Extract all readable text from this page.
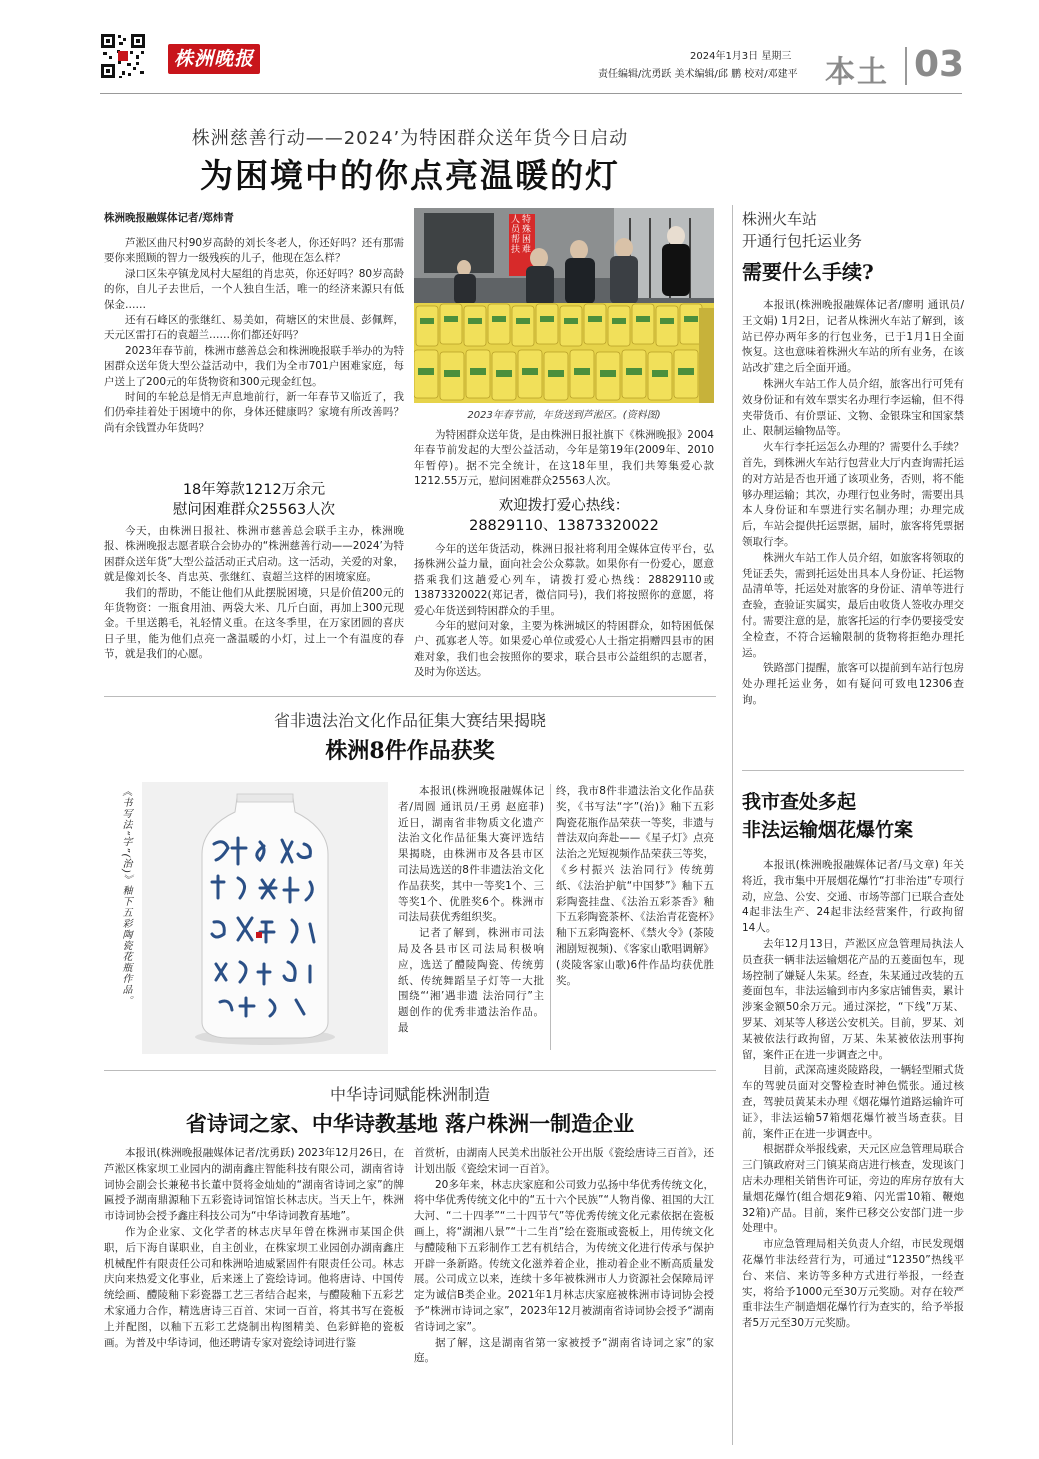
株洲晚报	2024年1月3日 星期三
责任编辑/沈勇跃 美术编辑/邱 鹏 校对/邓建平 本土 03
株洲慈善行动——2024’为特困群众送年货今日启动
为困境中的你点亮温暖的灯
株洲晚报融媒体记者/郑炜青

芦淞区曲尺村90岁高龄的刘长冬老人，你还好吗？还有那需要你来照顾的智力一级残疾的儿子，他现在怎么样？

渌口区朱亭镇龙凤村大屋组的肖忠英，你还好吗？80岁高龄的你，自儿子去世后，一个人独自生活，唯一的经济来源只有低保金……

还有石峰区的张继红、易美如，荷塘区的宋世晨、彭佩辉，天元区雷打石的袁超兰……你们都还好吗？

2023年春节前，株洲市慈善总会和株洲晚报联手举办的为特困群众送年货大型公益活动中，我们为全市701户困难家庭，每户送上了200元的年货物资和300元现金红包。

时间的车轮总是悄无声息地前行，新一年春节又临近了，我们仍牵挂着处于困境中的你，身体还健康吗？家境有所改善吗？尚有余钱置办年货吗？

18年筹款1212万余元
慰问困难群众25563人次

今天，由株洲日报社、株洲市慈善总会联手主办，株洲晚报、株洲晚报志愿者联合会协办的“株洲慈善行动——2024’为特困群众送年货”大型公益活动正式启动。这一活动，关爱的对象，就是像刘长冬、肖忠英、张继红、袁超兰这样的困境家庭。

我们的帮助，不能让他们从此摆脱困境，只是价值200元的年货物资：一瓶食用油、两袋大米、几斤白面，再加上300元现金。千里送鹅毛，礼轻情义重。在这冬季里，在万家团圆的喜庆日子里，能为他们点亮一盏温暖的小灯，过上一个有温度的春节，就是我们的心愿。

特殊困难
人员帮扶
2023年春节前，年货送到芦淞区。(资料图)

为特困群众送年货，是由株洲日报社旗下《株洲晚报》2004年春节前发起的大型公益活动，今年是第19年(2009年、2010年暂停)。据不完全统计，在这18年里，我们共筹集爱心款1212.55万元，慰问困难群众25563人次。

欢迎拨打爱心热线：
28829110、13873320022

今年的送年货活动，株洲日报社将利用全媒体宣传平台，弘扬株洲公益力量，面向社会公众募款。如果你有一份爱心，愿意搭乘我们这趟爱心列车，请拨打爱心热线：28829110或13873320022(郑记者，微信同号)，我们将按照你的意愿，将爱心年货送到特困群众的手里。

今年的慰问对象，主要为株洲城区的特困群众，如特困低保户、孤寡老人等。如果爱心单位或爱心人士指定捐赠四县市的困难对象，我们也会按照你的要求，联合县市公益组织的志愿者，及时为你送达。

株洲火车站
开通行包托运业务
需要什么手续?

本报讯(株洲晚报融媒体记者/廖明 通讯员/王文娟) 1月2日，记者从株洲火车站了解到，该站已停办两年多的行包业务，已于1月1日全面恢复。这也意味着株洲火车站的所有业务，在该站改扩建之后全面开通。

株洲火车站工作人员介绍，旅客出行可凭有效身份证和有效车票实名办理行李运输，但不得夹带货币、有价票证、文物、金银珠宝和国家禁止、限制运输物品等。

火车行李托运怎么办理的？需要什么手续？首先，到株洲火车站行包营业大厅内查询需托运的对方站是否也开通了该项业务，否则，将不能够办理运输；其次，办理行包业务时，需要出具本人身份证和车票进行实名制办理；办理完成后，车站会提供托运票据，届时，旅客将凭票据领取行李。

株洲火车站工作人员介绍，如旅客将领取的凭证丢失，需到托运处出具本人身份证、托运物品清单等，托运处对旅客的身份证、清单等进行查验，查验证实属实，最后由收货人签收办理交付。需要注意的是，旅客托运的行李仍要接受安全检查，不符合运输限制的货物将拒绝办理托运。

铁路部门提醒，旅客可以提前到车站行包房处办理托运业务，如有疑问可致电12306查询。

我市查处多起
非法运输烟花爆竹案

本报讯(株洲晚报融媒体记者/马文章) 年关将近，我市集中开展烟花爆竹“打非治违”专项行动，应急、公安、交通、市场等部门已联合查处4起非法生产、24起非法经营案件，行政拘留14人。

去年12月13日，芦淞区应急管理局执法人员查获一辆非法运输烟花产品的五菱面包车，现场控制了嫌疑人朱某。经查，朱某通过改装的五菱面包车，非法运输到市内多家店铺售卖，累计涉案金额50余万元。通过深挖，“下线”万某、罗某、刘某等人移送公安机关。目前，罗某、刘某被依法行政拘留，万某、朱某被依法刑事拘留，案件正在进一步调查之中。

目前，武深高速炎陵路段，一辆轻型厢式货车的驾驶员面对交警检查时神色慌张。通过核查，驾驶员黄某未办理《烟花爆竹道路运输许可证》，非法运输57箱烟花爆竹被当场查获。目前，案件正在进一步调查中。

根据群众举报线索，天元区应急管理局联合三门镇政府对三门镇某商店进行核查，发现该门店未办理相关销售许可证，旁边的库房存放有大量烟花爆竹(组合烟花9箱、闪光雷10箱、鞭炮32箱)产品。目前，案件已移交公安部门进一步处理中。

市应急管理局相关负责人介绍，市民发现烟花爆竹非法经营行为，可通过“12350”热线平台、来信、来访等多种方式进行举报，一经查实，将给予1000元至30万元奖励。对存在较严重非法生产制造烟花爆竹行为查实的，给予举报者5万元至30万元奖励。

省非遗法治文化作品征集大赛结果揭晓
株洲8件作品获奖
《书写法“字”(治)》釉下五彩陶瓷花瓶作品。	本报讯(株洲晚报融媒体记者/周圆 通讯员/王勇 赵庭菲) 近日，湖南省非物质文化遗产法治文化作品征集大赛评选结果揭晓，由株洲市及各县市区司法局选送的8件非遗法治文化作品获奖，其中一等奖1个、三等奖1个、优胜奖6个。株洲市司法局获优秀组织奖。

记者了解到，株洲市司法局及各县市区司法局积极响应，选送了醴陵陶瓷、传统剪纸、传统舞蹈呈子灯等一大批围绕“‘湘’遇非遗 法治同行”主题创作的优秀非遗法治作品。最

终，我市8件非遗法治文化作品获奖，《书写法“字”(治)》釉下五彩陶瓷花瓶作品荣获一等奖，非遗与普法双向奔赴——《星子灯》点亮法治之光短视频作品荣获三等奖，《乡村振兴 法治同行》传统剪纸、《法治护航“中国梦”》釉下五彩陶瓷挂盘、《法治五彩茶香》釉下五彩陶瓷茶杯、《法治青花瓷杯》釉下五彩陶瓷杯、《禁火令》(茶陵湘剧短视频)、《客家山歌唱调解》(炎陵客家山歌)6件作品均获优胜奖。

中华诗词赋能株洲制造
省诗词之家、中华诗教基地 落户株洲一制造企业

本报讯(株洲晚报融媒体记者/沈勇跃) 2023年12月26日，在芦淞区株家坝工业园内的湖南鑫庄智能科技有限公司，湖南省诗词协会副会长兼秘书长董中贤将金灿灿的“湖南省诗词之家”的牌匾授予湖南鼎源釉下五彩瓷诗词馆馆长林志庆。当天上午，株洲市诗词协会授予鑫庄科技公司为“中华诗词教育基地”。

作为企业家、文化学者的林志庆早年曾在株洲市某国企供职，后下海自谋职业，自主创业，在株家坝工业园创办湖南鑫庄机械配件有限责任公司和株洲哈迪威紧固件有限责任公司。林志庆向来热爱文化事业，后来迷上了瓷绘诗词。他将唐诗、中国传统绘画、醴陵釉下彩瓷器工艺三者结合起来，与醴陵釉下五彩艺术家通力合作，精选唐诗三百首、宋词一百首，将其书写在瓷板上并配图，以釉下五彩工艺烧制出构图精美、色彩鲜艳的瓷板画。为普及中华诗词，他还聘请专家对瓷绘诗词进行鉴

首赏析，由湖南人民美术出版社公开出版《瓷绘唐诗三百首》，还计划出版《瓷绘宋词一百首》。

20多年来，林志庆家庭和公司致力弘扬中华优秀传统文化，将中华优秀传统文化中的“五十六个民族”“人物肖像、祖国的大江大河、“二十四孝”“二十四节气”等优秀传统文化元素依据在瓷板画上，将“湖湘八景”“十二生肖”绘在瓷瓶或瓷板上，用传统文化与醴陵釉下五彩制作工艺有机结合，为传统文化进行传承与保护开辟一条新路。传统文化滋养着企业，推动着企业不断高质量发展。公司成立以来，连续十多年被株洲市人力资源社会保障局评定为诚信B类企业。2021年1月林志庆家庭被株洲市诗词协会授予“株洲市诗词之家”，2023年12月被湖南省诗词协会授予“湖南省诗词之家”。

据了解，这是湖南省第一家被授予“湖南省诗词之家”的家庭。
